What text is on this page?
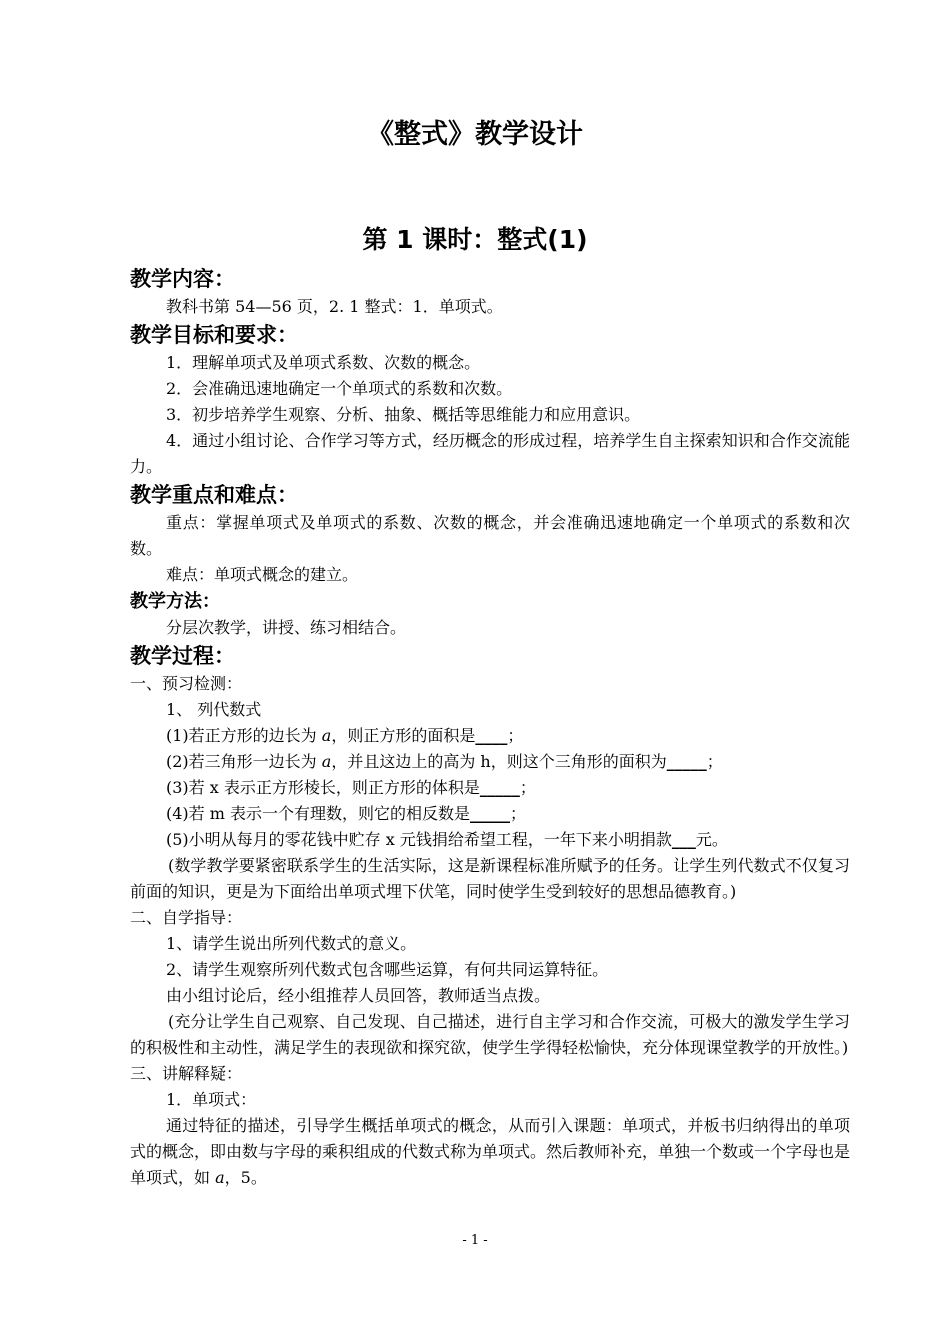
《整式》教学设计
第 1 课时：整式(1)

教学内容：

教科书第 54—56 页，2. 1 整式：1．单项式。

教学目标和要求：

1．理解单项式及单项式系数、次数的概念。

2．会准确迅速地确定一个单项式的系数和次数。

3．初步培养学生观察、分析、抽象、概括等思维能力和应用意识。

4．通过小组讨论、合作学习等方式，经历概念的形成过程，培养学生自主探索知识和合作交流能力。

教学重点和难点：

重点：掌握单项式及单项式的系数、次数的概念，并会准确迅速地确定一个单项式的系数和次数。

难点：单项式概念的建立。

教学方法：

分层次教学，讲授、练习相结合。

教学过程：

一、预习检测：

1、 列代数式

(1)若正方形的边长为 a，则正方形的面积是____；

(2)若三角形一边长为 a，并且这边上的高为 h，则这个三角形的面积为_____；

(3)若 x 表示正方形棱长，则正方形的体积是_____；

(4)若 m 表示一个有理数，则它的相反数是_____；

(5)小明从每月的零花钱中贮存 x 元钱捐给希望工程，一年下来小明捐款___元。

(数学教学要紧密联系学生的生活实际，这是新课程标准所赋予的任务。让学生列代数式不仅复习前面的知识，更是为下面给出单项式埋下伏笔，同时使学生受到较好的思想品德教育。)

二、自学指导：

1、请学生说出所列代数式的意义。

2、请学生观察所列代数式包含哪些运算，有何共同运算特征。

由小组讨论后，经小组推荐人员回答，教师适当点拨。

(充分让学生自己观察、自己发现、自己描述，进行自主学习和合作交流，可极大的激发学生学习的积极性和主动性，满足学生的表现欲和探究欲，使学生学得轻松愉快，充分体现课堂教学的开放性。)

三、讲解释疑：

1．单项式：

通过特征的描述，引导学生概括单项式的概念，从而引入课题：单项式，并板书归纳得出的单项式的概念，即由数与字母的乘积组成的代数式称为单项式。然后教师补充，单独一个数或一个字母也是单项式，如 a，5。

- 1 -
